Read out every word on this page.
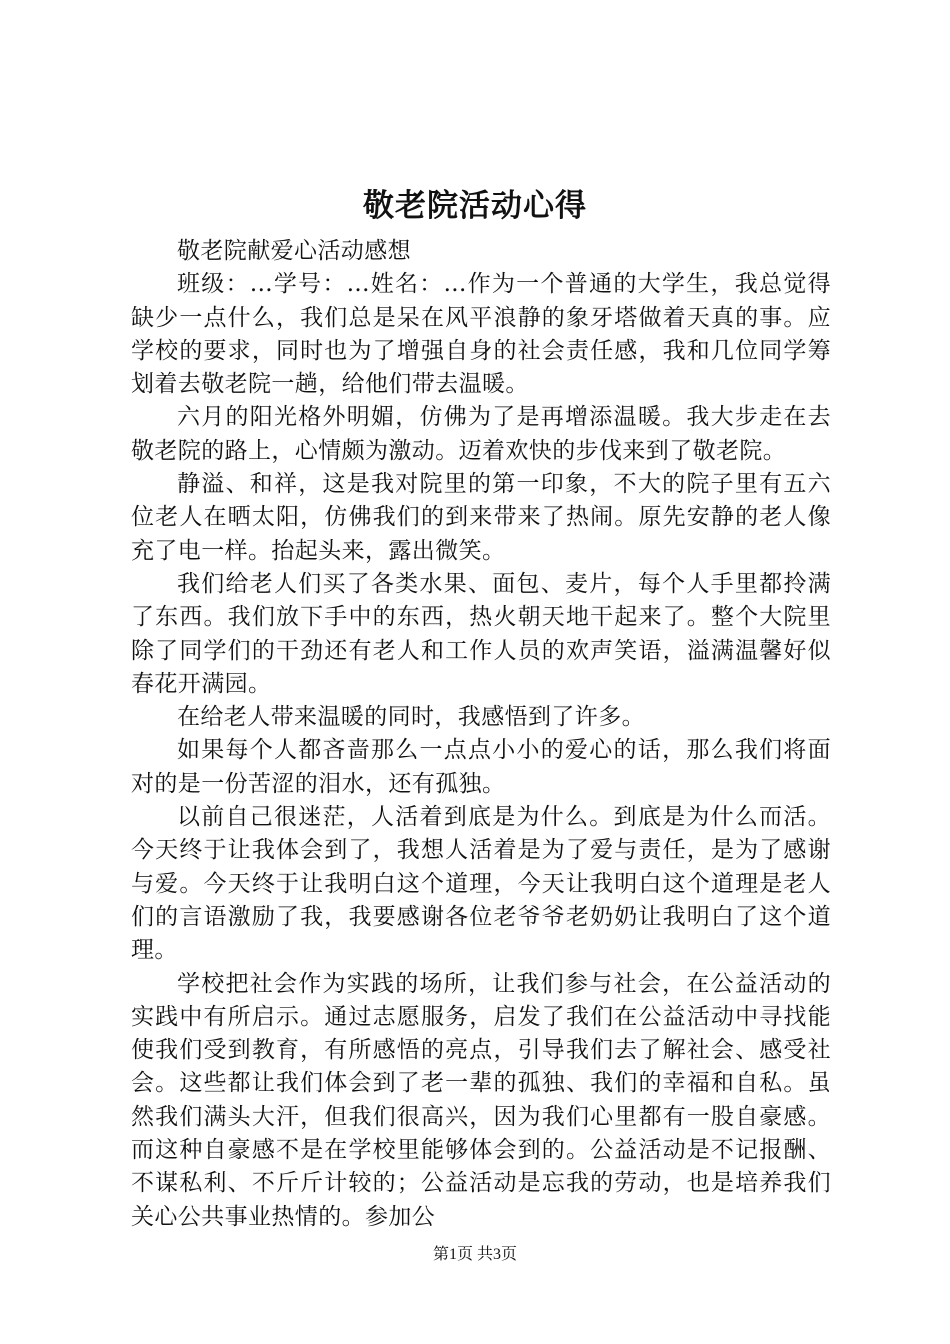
敬老院活动心得

敬老院献爱心活动感想

班级：...学号：...姓名：...作为一个普通的大学生，我总觉得缺少一点什么，我们总是呆在风平浪静的象牙塔做着天真的事。应学校的要求，同时也为了增强自身的社会责任感，我和几位同学筹划着去敬老院一趟，给他们带去温暖。

六月的阳光格外明媚，仿佛为了是再增添温暖。我大步走在去敬老院的路上，心情颇为激动。迈着欢快的步伐来到了敬老院。

静溢、和祥，这是我对院里的第一印象，不大的院子里有五六位老人在晒太阳，仿佛我们的到来带来了热闹。原先安静的老人像充了电一样。抬起头来，露出微笑。

我们给老人们买了各类水果、面包、麦片，每个人手里都拎满了东西。我们放下手中的东西，热火朝天地干起来了。整个大院里除了同学们的干劲还有老人和工作人员的欢声笑语，溢满温馨好似春花开满园。

在给老人带来温暖的同时，我感悟到了许多。

如果每个人都吝啬那么一点点小小的爱心的话，那么我们将面对的是一份苦涩的泪水，还有孤独。

以前自己很迷茫，人活着到底是为什么。到底是为什么而活。今天终于让我体会到了，我想人活着是为了爱与责任，是为了感谢与爱。今天终于让我明白这个道理，今天让我明白这个道理是老人们的言语激励了我，我要感谢各位老爷爷老奶奶让我明白了这个道理。

学校把社会作为实践的场所，让我们参与社会，在公益活动的实践中有所启示。通过志愿服务，启发了我们在公益活动中寻找能使我们受到教育，有所感悟的亮点，引导我们去了解社会、感受社会。这些都让我们体会到了老一辈的孤独、我们的幸福和自私。虽然我们满头大汗，但我们很高兴，因为我们心里都有一股自豪感。而这种自豪感不是在学校里能够体会到的。公益活动是不记报酬、不谋私利、不斤斤计较的；公益活动是忘我的劳动，也是培养我们关心公共事业热情的。参加公

第1页 共3页
